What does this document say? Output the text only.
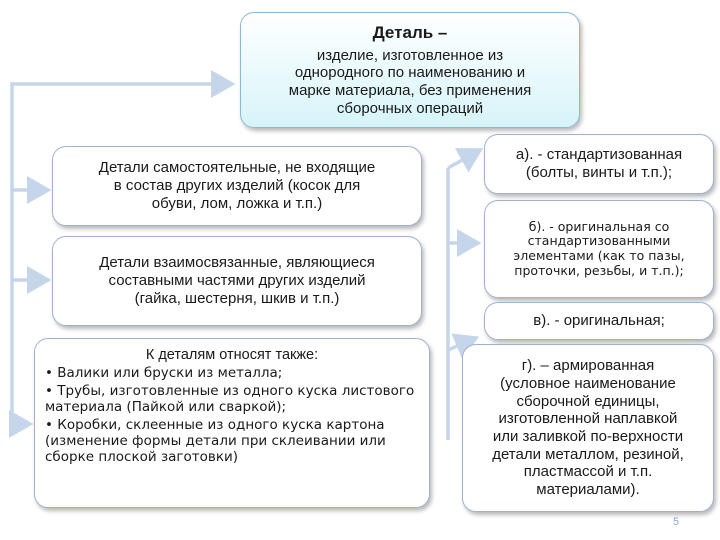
Деталь –
изделие, изготовленное из
однородного по наименованию и
марке материала, без применения
сборочных операций
Детали самостоятельные, не входящие
в состав других изделий (косок для
обуви, лом, ложка и т.п.)
Детали взаимосвязанные, являющиеся
составными частями других изделий
(гайка, шестерня, шкив и т.п.)
К деталям относят также:
• Валики или бруски из металла;
• Трубы, изготовленные из одного куска листового материала (Пайкой или сваркой);
• Коробки, склеенные из одного куска картона (изменение формы детали при склеивании или сборке плоской заготовки)
а). - стандартизованная
(болты, винты и т.п.);
б). - оригинальная со
стандартизованными
элементами (как то пазы,
проточки, резьбы, и т.п.);
в). - оригинальная;
г). – армированная
(условное наименование
сборочной единицы,
изготовленной наплавкой
или заливкой по-верхности
детали металлом, резиной,
пластмассой и т.п.
материалами).
5
